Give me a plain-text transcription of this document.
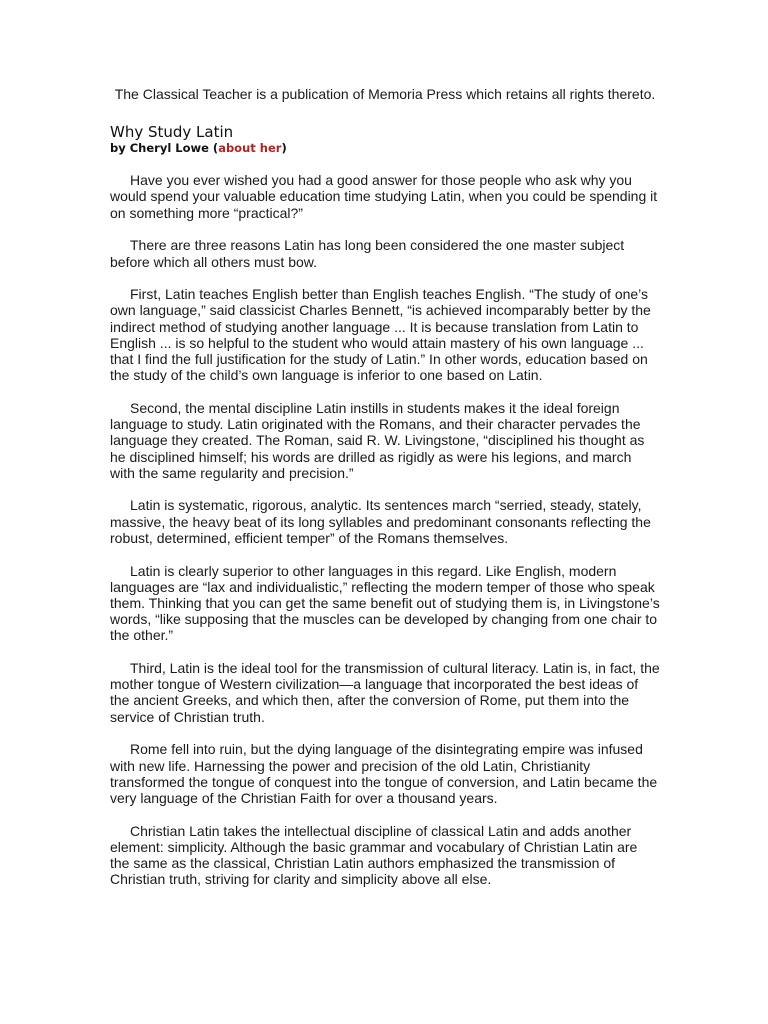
The Classical Teacher is a publication of Memoria Press which retains all rights thereto.

Why Study Latin

by Cheryl Lowe (about her)

Have you ever wished you had a good answer for those people who ask why you would spend your valuable education time studying Latin, when you could be spending it on something more “practical?”

There are three reasons Latin has long been considered the one master subject before which all others must bow.

First, Latin teaches English better than English teaches English. “The study of one’s own language,” said classicist Charles Bennett, “is achieved incomparably better by the indirect method of studying another language ... It is because translation from Latin to English ... is so helpful to the student who would attain mastery of his own language ... that I find the full justification for the study of Latin.” In other words, education based on the study of the child’s own language is inferior to one based on Latin.

Second, the mental discipline Latin instills in students makes it the ideal foreign language to study. Latin originated with the Romans, and their character pervades the language they created. The Roman, said R. W. Livingstone, “disciplined his thought as he disciplined himself; his words are drilled as rigidly as were his legions, and march with the same regularity and precision.”

Latin is systematic, rigorous, analytic. Its sentences march “serried, steady, stately, massive, the heavy beat of its long syllables and predominant consonants reflecting the robust, determined, efficient temper” of the Romans themselves.

Latin is clearly superior to other languages in this regard. Like English, modern languages are “lax and individualistic,” reflecting the modern temper of those who speak them. Thinking that you can get the same benefit out of studying them is, in Livingstone’s words, “like supposing that the muscles can be developed by changing from one chair to the other.”

Third, Latin is the ideal tool for the transmission of cultural literacy. Latin is, in fact, the mother tongue of Western civilization—a language that incorporated the best ideas of the ancient Greeks, and which then, after the conversion of Rome, put them into the service of Christian truth.

Rome fell into ruin, but the dying language of the disintegrating empire was infused with new life. Harnessing the power and precision of the old Latin, Christianity transformed the tongue of conquest into the tongue of conversion, and Latin became the very language of the Christian Faith for over a thousand years.

Christian Latin takes the intellectual discipline of classical Latin and adds another element: simplicity. Although the basic grammar and vocabulary of Christian Latin are the same as the classical, Christian Latin authors emphasized the transmission of Christian truth, striving for clarity and simplicity above all else.
